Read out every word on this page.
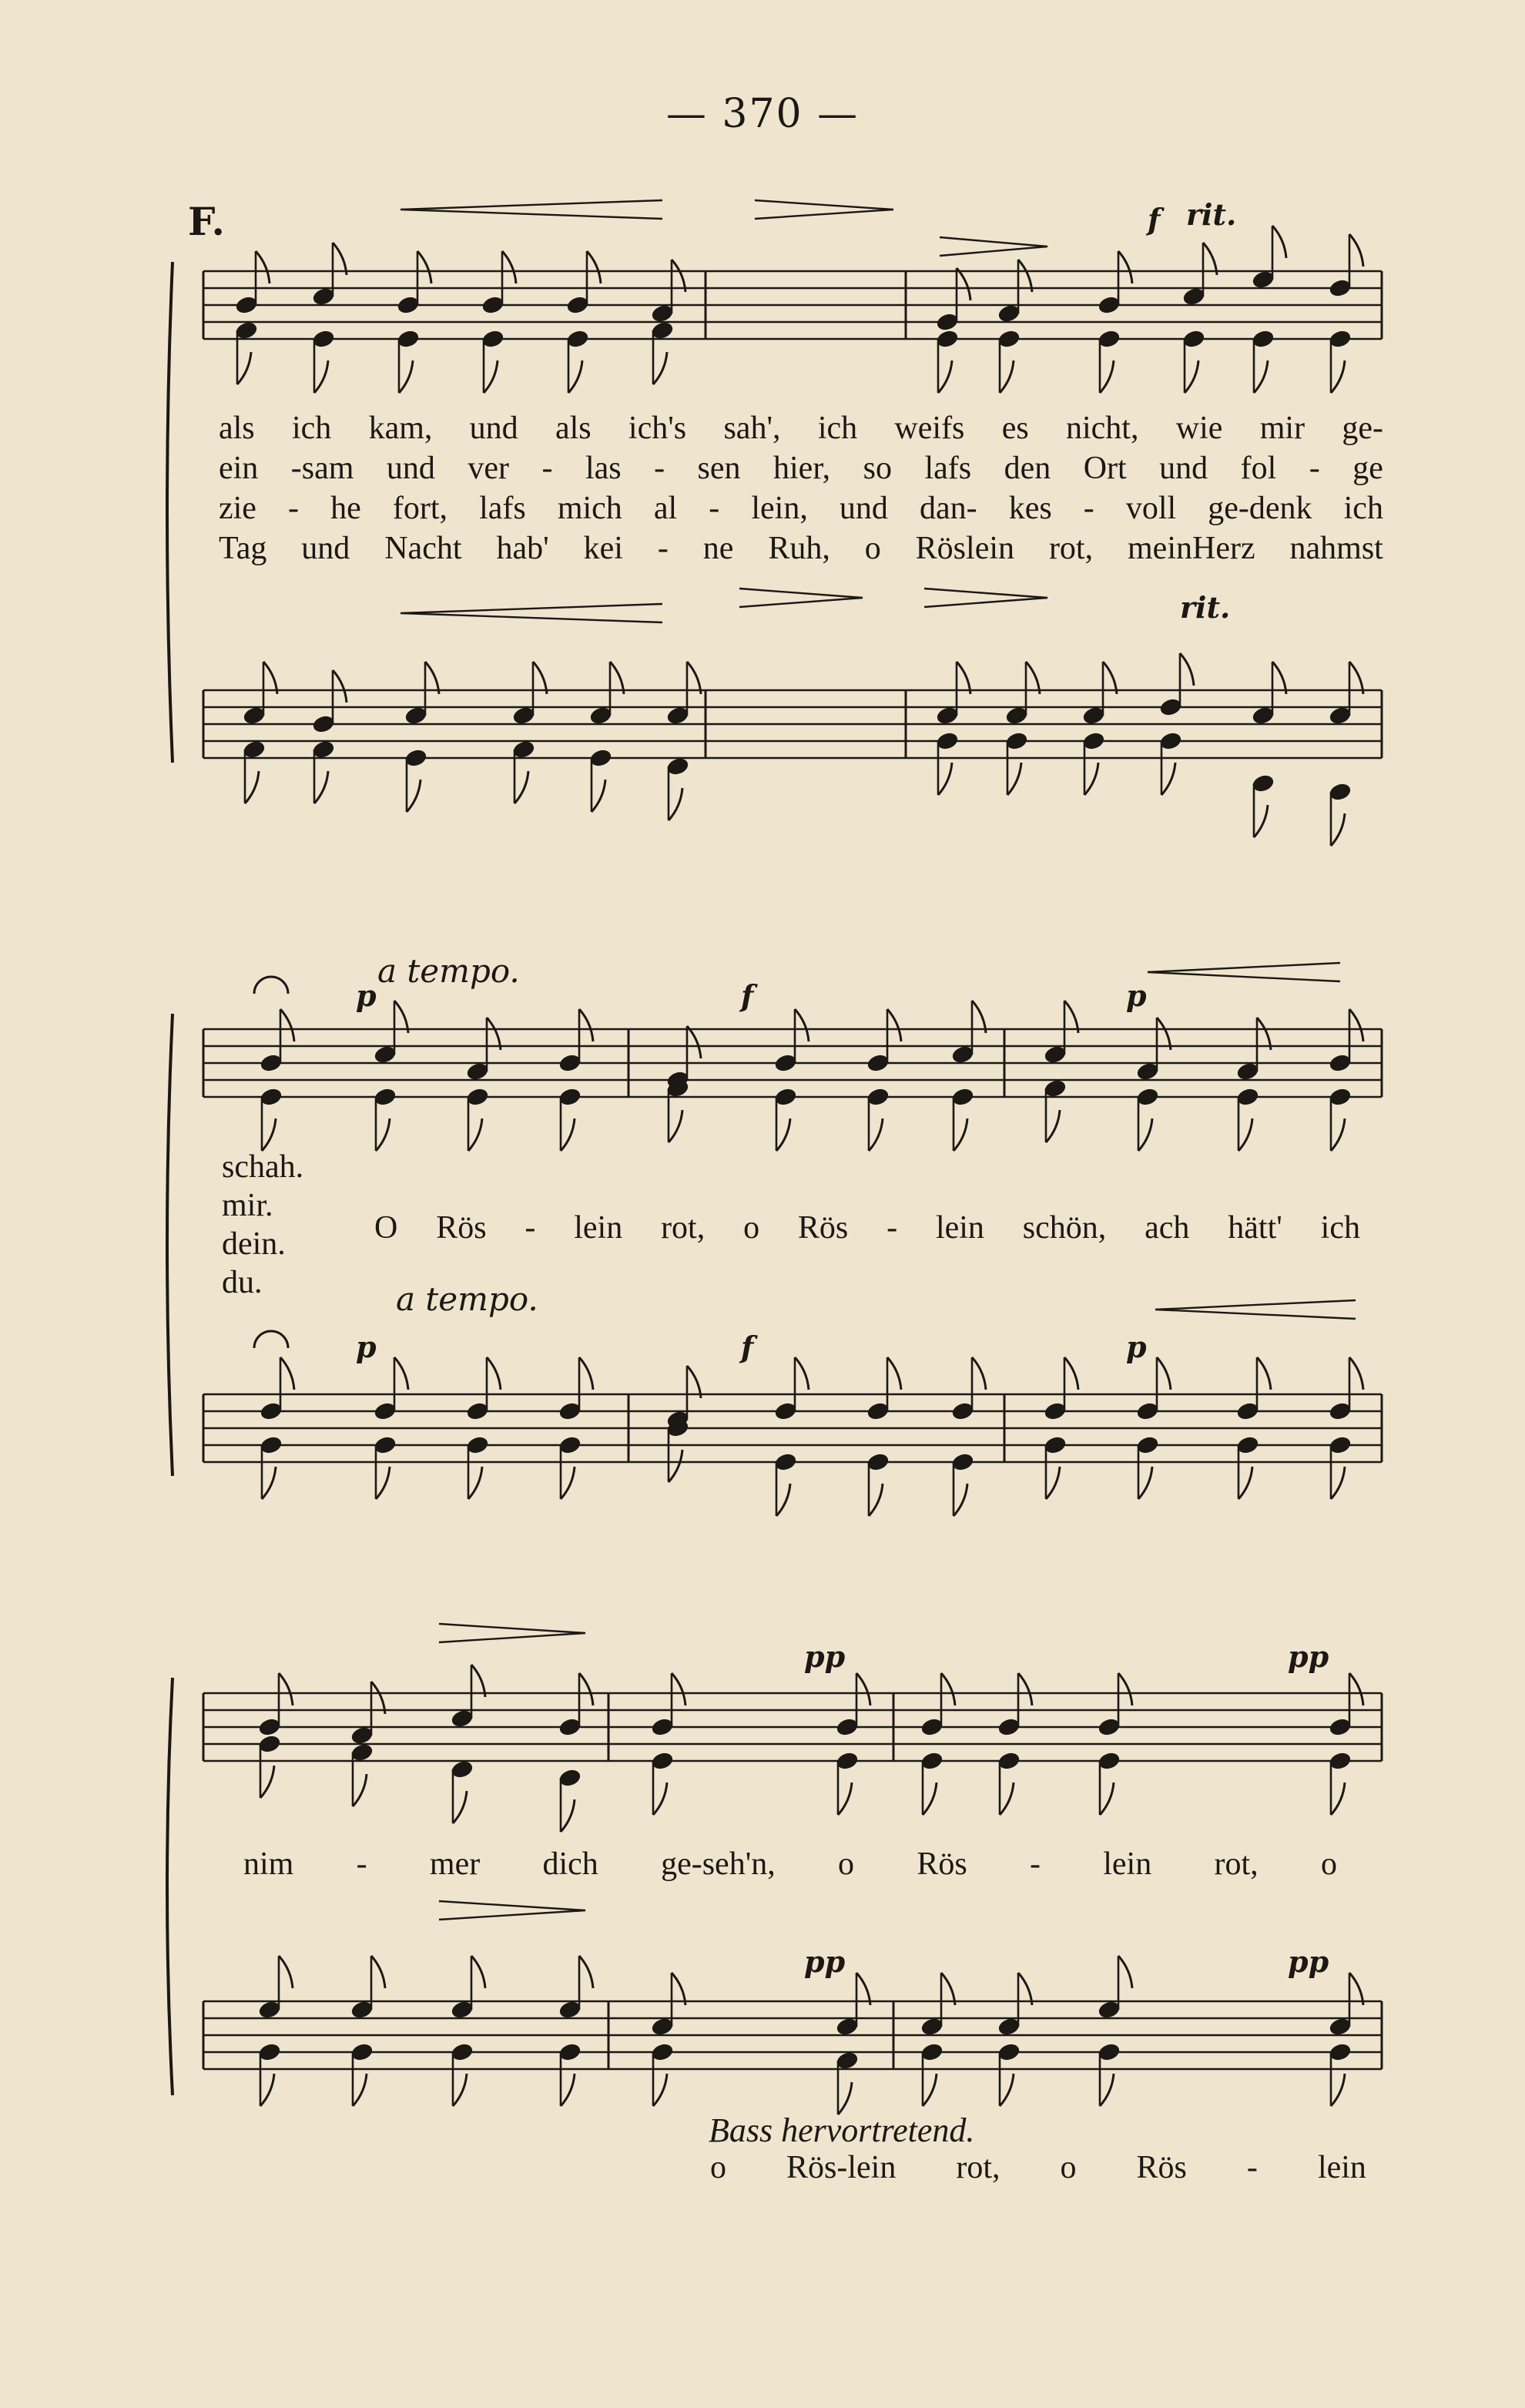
— 370 —
F.	f rit.
rit.
als ich kam, und als ich's sah', ich weifs es nicht, wie mir ge-
ein -sam und ver - las - sen hier, so lafs den Ort und fol - ge
zie - he fort, lafs mich al - lein, und dan- kes - voll ge-denk ich
Tag und Nacht hab' kei - ne Ruh, o Röslein rot, meinHerz nahmst
a tempo.
p	f	p
a tempo.
p	f	p
schah.
mir.
dein.
du.
O Rös - lein rot, o Rös - lein schön, ach hätt' ich
pp	pp
pp	pp
nim - mer dich ge-seh'n, o Rös - lein rot, o
Bass hervortretend.
o Rös-lein rot, o Rös - lein
